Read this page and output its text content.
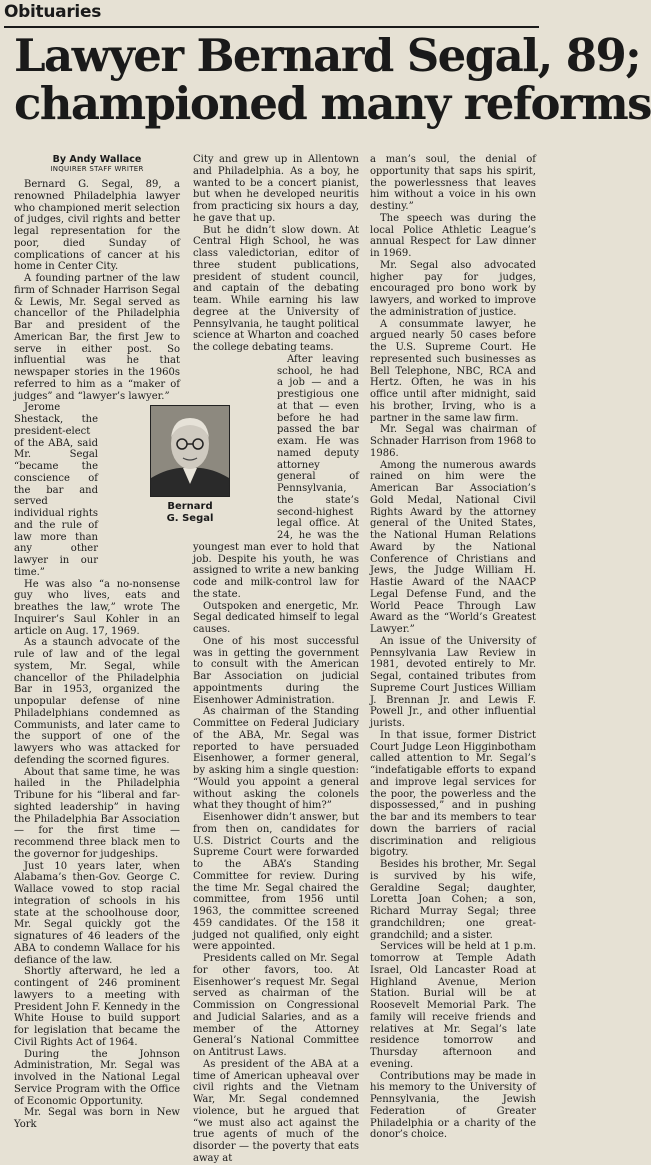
Obituaries
Lawyer Bernard Segal, 89;
championed many reforms
By Andy Wallace
INQUIRER STAFF WRITER

Bernard G. Segal, 89, a renowned Philadelphia lawyer who championed merit selection of judges, civil rights and better legal representation for the poor, died Sunday of complications of cancer at his home in Center City.

A founding partner of the law firm of Schnader Harrison Segal & Lewis, Mr. Segal served as chancellor of the Philadelphia Bar and president of the American Bar, the first Jew to serve in either post. So influential was he that newspaper stories in the 1960s referred to him as a “maker of judges” and “lawyer’s lawyer.”

Jerome Shestack, the president-elect of the ABA, said Mr. Segal “became the conscience of the bar and served individual rights and the rule of law more than any other lawyer in our time.”

He was also “a no-nonsense guy who lives, eats and breathes the law,” wrote The Inquirer’s Saul Kohler in an article on Aug. 17, 1969.

As a staunch advocate of the rule of law and of the legal system, Mr. Segal, while chancellor of the Philadelphia Bar in 1953, organized the unpopular defense of nine Philadelphians condemned as Communists, and later came to the support of one of the lawyers who was attacked for defending the scorned figures.

About that same time, he was hailed in the Philadelphia Tribune for his “liberal and far-sighted leadership” in having the Philadelphia Bar Association — for the first time — recommend three black men to the governor for judgeships.

Just 10 years later, when Alabama’s then-Gov. George C. Wallace vowed to stop racial integration of schools in his state at the schoolhouse door, Mr. Segal quickly got the signatures of 46 leaders of the ABA to condemn Wallace for his defiance of the law.

Shortly afterward, he led a contingent of 246 prominent lawyers to a meeting with President John F. Kennedy in the White House to build support for legislation that became the Civil Rights Act of 1964.

During the Johnson Administration, Mr. Segal was involved in the National Legal Service Program with the Office of Economic Opportunity.

Mr. Segal was born in New York

City and grew up in Allentown and Philadelphia. As a boy, he wanted to be a concert pianist, but when he developed neuritis from practicing six hours a day, he gave that up.

But he didn’t slow down. At Central High School, he was class valedictorian, editor of three student publications, president of student council, and captain of the debating team. While earning his law degree at the University of Pennsylvania, he taught political science at Wharton and coached the college debating teams.

After leaving school, he had a job — and a prestigious one at that — even before he had passed the bar exam. He was named deputy attorney general of Pennsylvania, the state’s second-highest legal office. At 24, he was the youngest man ever to hold that job. Despite his youth, he was assigned to write a new banking code and milk-control law for the state.

Outspoken and energetic, Mr. Segal dedicated himself to legal causes.

One of his most successful was in getting the government to consult with the American Bar Association on judicial appointments during the Eisenhower Administration.

As chairman of the Standing Committee on Federal Judiciary of the ABA, Mr. Segal was reported to have persuaded Eisenhower, a former general, by asking him a single question: “Would you appoint a general without asking the colonels what they thought of him?”

Eisenhower didn’t answer, but from then on, candidates for U.S. District Courts and the Supreme Court were forwarded to the ABA’s Standing Committee for review. During the time Mr. Segal chaired the committee, from 1956 until 1963, the committee screened 459 candidates. Of the 158 it judged not qualified, only eight were appointed.

Presidents called on Mr. Segal for other favors, too. At Eisenhower’s request Mr. Segal served as chairman of the Commission on Congressional and Judicial Salaries, and as a member of the Attorney General’s National Committee on Antitrust Laws.

As president of the ABA at a time of American upheaval over civil rights and the Vietnam War, Mr. Segal condemned violence, but he argued that “we must also act against the true agents of much of the disorder — the poverty that eats away at

a man’s soul, the denial of opportunity that saps his spirit, the powerlessness that leaves him without a voice in his own destiny.”

The speech was during the local Police Athletic League’s annual Respect for Law dinner in 1969.

Mr. Segal also advocated higher pay for judges, encouraged pro bono work by lawyers, and worked to improve the administration of justice.

A consummate lawyer, he argued nearly 50 cases before the U.S. Supreme Court. He represented such businesses as Bell Telephone, NBC, RCA and Hertz. Often, he was in his office until after midnight, said his brother, Irving, who is a partner in the same law firm.

Mr. Segal was chairman of Schnader Harrison from 1968 to 1986.

Among the numerous awards rained on him were the American Bar Association’s Gold Medal, National Civil Rights Award by the attorney general of the United States, the National Human Relations Award by the National Conference of Christians and Jews, the Judge William H. Hastie Award of the NAACP Legal Defense Fund, and the World Peace Through Law Award as the “World’s Greatest Lawyer.”

An issue of the University of Pennsylvania Law Review in 1981, devoted entirely to Mr. Segal, contained tributes from Supreme Court Justices William J. Brennan Jr. and Lewis F. Powell Jr., and other influential jurists.

In that issue, former District Court Judge Leon Higginbotham called attention to Mr. Segal’s “indefatigable efforts to expand and improve legal services for the poor, the powerless and the dispossessed,” and in pushing the bar and its members to tear down the barriers of racial discrimination and religious bigotry.

Besides his brother, Mr. Segal is survived by his wife, Geraldine Segal; daughter, Loretta Joan Cohen; a son, Richard Murray Segal; three grandchildren; one great-grandchild; and a sister.

Services will be held at 1 p.m. tomorrow at Temple Adath Israel, Old Lancaster Road at Highland Avenue, Merion Station. Burial will be at Roosevelt Memorial Park. The family will receive friends and relatives at Mr. Segal’s late residence tomorrow and Thursday afternoon and evening.

Contributions may be made in his memory to the University of Pennsylvania, the Jewish Federation of Greater Philadelphia or a charity of the donor’s choice.

Bernard
G. Segal
